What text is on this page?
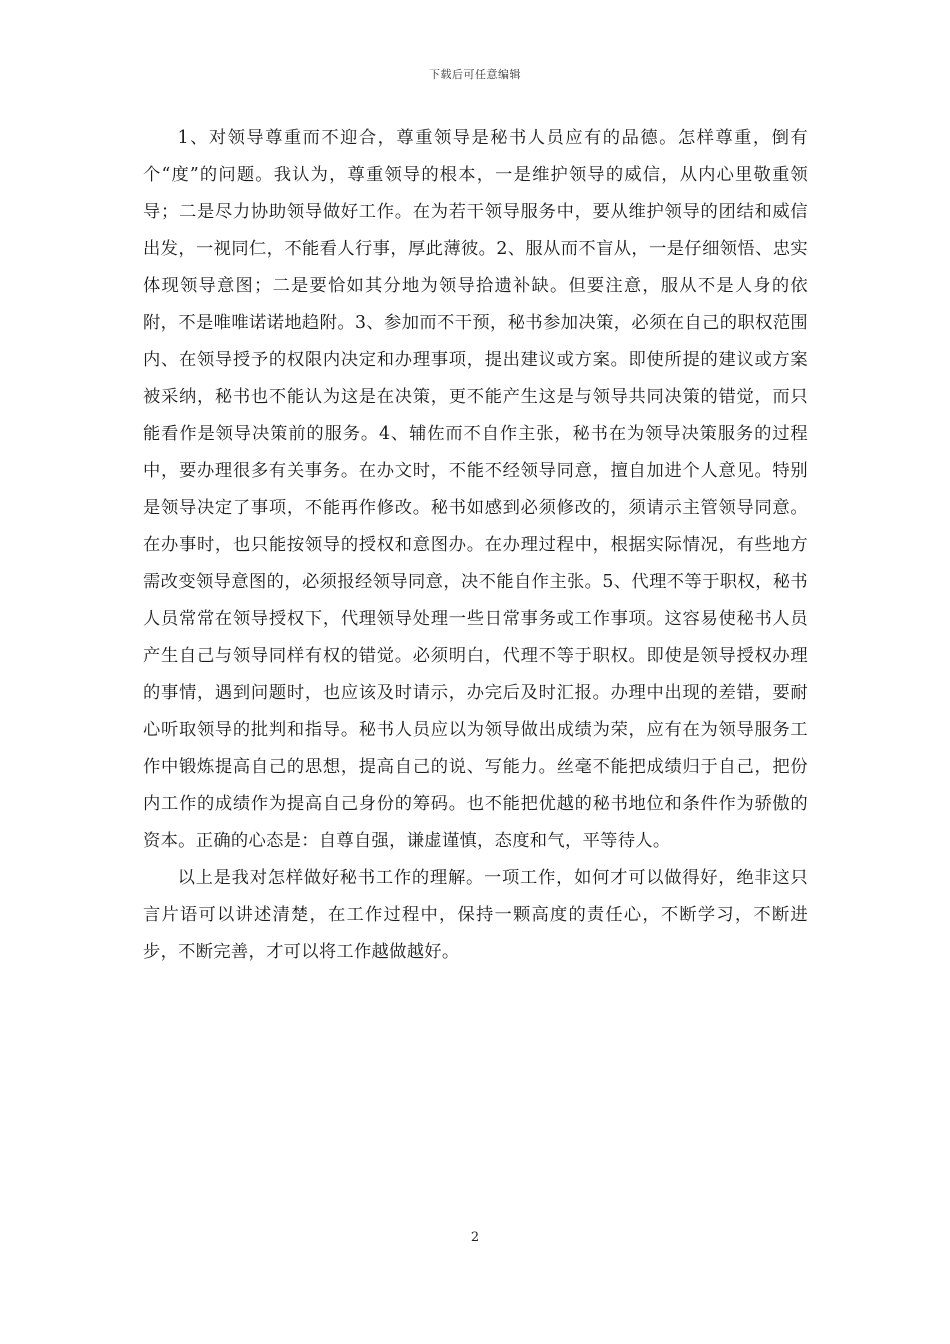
下载后可任意编辑

1、对领导尊重而不迎合，尊重领导是秘书人员应有的品德。怎样尊重，倒有个“度”的问题。我认为，尊重领导的根本，一是维护领导的威信，从内心里敬重领导；二是尽力协助领导做好工作。在为若干领导服务中，要从维护领导的团结和威信出发，一视同仁，不能看人行事，厚此薄彼。2、服从而不盲从，一是仔细领悟、忠实体现领导意图；二是要恰如其分地为领导拾遗补缺。但要注意，服从不是人身的依附，不是唯唯诺诺地趋附。3、参加而不干预，秘书参加决策，必须在自己的职权范围内、在领导授予的权限内决定和办理事项，提出建议或方案。即使所提的建议或方案被采纳，秘书也不能认为这是在决策，更不能产生这是与领导共同决策的错觉，而只能看作是领导决策前的服务。4、辅佐而不自作主张，秘书在为领导决策服务的过程中，要办理很多有关事务。在办文时，不能不经领导同意，擅自加进个人意见。特别是领导决定了事项，不能再作修改。秘书如感到必须修改的，须请示主管领导同意。在办事时，也只能按领导的授权和意图办。在办理过程中，根据实际情况，有些地方需改变领导意图的，必须报经领导同意，决不能自作主张。5、代理不等于职权，秘书人员常常在领导授权下，代理领导处理一些日常事务或工作事项。这容易使秘书人员产生自己与领导同样有权的错觉。必须明白，代理不等于职权。即使是领导授权办理的事情，遇到问题时，也应该及时请示，办完后及时汇报。办理中出现的差错，要耐心听取领导的批判和指导。秘书人员应以为领导做出成绩为荣，应有在为领导服务工作中锻炼提高自己的思想，提高自己的说、写能力。丝毫不能把成绩归于自己，把份内工作的成绩作为提高自己身份的筹码。也不能把优越的秘书地位和条件作为骄傲的资本。正确的心态是：自尊自强，谦虚谨慎，态度和气，平等待人。

以上是我对怎样做好秘书工作的理解。一项工作，如何才可以做得好，绝非这只言片语可以讲述清楚，在工作过程中，保持一颗高度的责任心，不断学习，不断进步，不断完善，才可以将工作越做越好。

2
